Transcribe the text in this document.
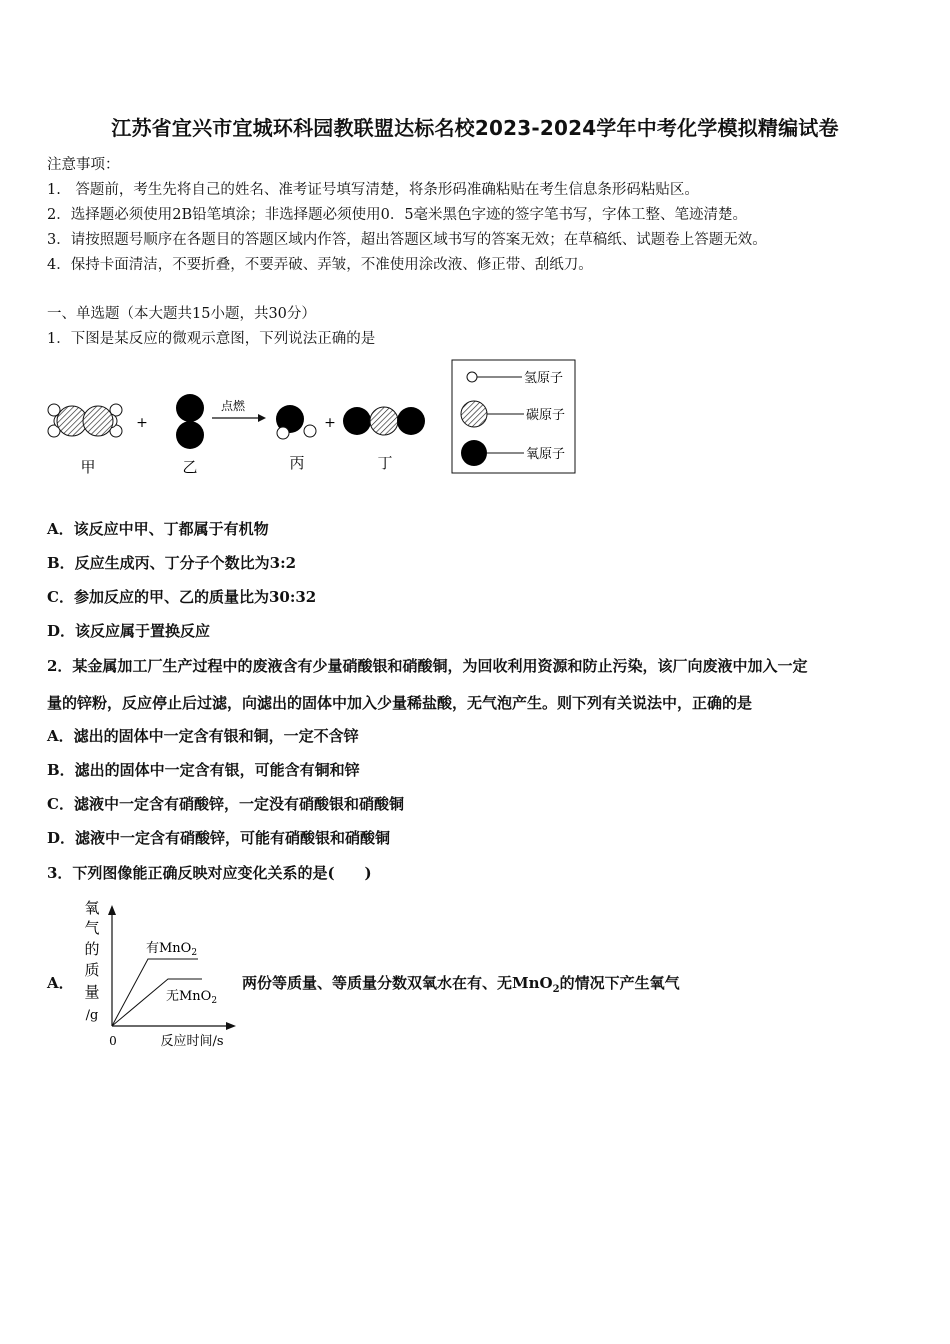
江苏省宜兴市宜城环科园教联盟达标名校2023-2024学年中考化学模拟精编试卷
注意事项：
1.　答题前，考生先将自己的姓名、准考证号填写清楚，将条形码准确粘贴在考生信息条形码粘贴区。
2．选择题必须使用2B铅笔填涂；非选择题必须使用0．5毫米黑色字迹的签字笔书写，字体工整、笔迹清楚。
3．请按照题号顺序在各题目的答题区域内作答，超出答题区域书写的答案无效；在草稿纸、试题卷上答题无效。
4．保持卡面清洁，不要折叠，不要弄破、弄皱，不准使用涂改液、修正带、刮纸刀。
一、单选题（本大题共15小题，共30分）
1．下图是某反应的微观示意图，下列说法正确的是
甲
+
乙
点燃
丙
+
丁
氢原子
碳原子
氧原子
A．该反应中甲、丁都属于有机物
B．反应生成丙、丁分子个数比为3:2
C．参加反应的甲、乙的质量比为30:32
D．该反应属于置换反应
2．某金属加工厂生产过程中的废液含有少量硝酸银和硝酸铜，为回收利用资源和防止污染，该厂向废液中加入一定
量的锌粉，反应停止后过滤，向滤出的固体中加入少量稀盐酸，无气泡产生。则下列有关说法中，正确的是
A．滤出的固体中一定含有银和铜，一定不含锌
B．滤出的固体中一定含有银，可能含有铜和锌
C．滤液中一定含有硝酸锌，一定没有硝酸银和硝酸铜
D．滤液中一定含有硝酸锌，可能有硝酸银和硝酸铜
3．下列图像能正确反映对应变化关系的是(　　)
A．
氧
气
的
质
量
/g
有MnO$_2$
无MnO$_2$
0	反应时间/s
两份等质量、等质量分数双氧水在有、无MnO$_2$的情况下产生氧气
